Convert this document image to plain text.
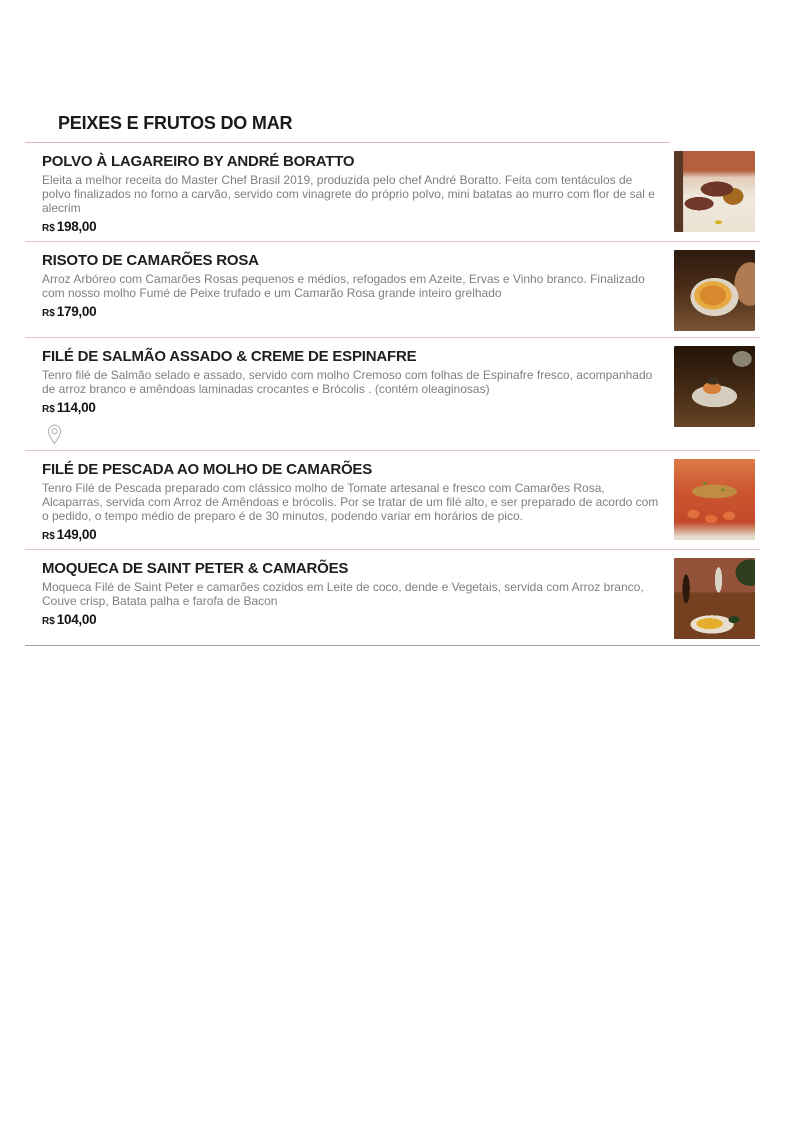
PEIXES E FRUTOS DO MAR
POLVO À LAGAREIRO BY ANDRÉ BORATTO
Eleita a melhor receita do Master Chef Brasil 2019, produzida pelo chef André Boratto. Feita com tentáculos de polvo finalizados no forno a carvão, servido com vinagrete do próprio polvo, mini batatas ao murro com flor de sal e alecrim
R$ 198,00
RISOTO DE CAMARÕES ROSA
Arroz Arbóreo com Camarões Rosas pequenos e médios, refogados em Azeite, Ervas e Vinho branco. Finalizado com nosso molho Fumé de Peixe trufado e um Camarão Rosa grande inteiro grelhado
R$ 179,00
FILÉ DE SALMÃO ASSADO & CREME DE ESPINAFRE
Tenro filé de Salmão selado e assado, servido com molho Cremoso com folhas de Espinafre fresco, acompanhado de arroz branco e amêndoas laminadas crocantes e Brócolis . (contém oleaginosas)
R$ 114,00
FILÉ DE PESCADA AO MOLHO DE CAMARÕES
Tenro Filé de Pescada preparado com clássico molho de Tomate artesanal e fresco com Camarões Rosa, Alcaparras, servida com Arroz de Amêndoas e brócolis. Por se tratar de um filé alto, e ser preparado de acordo com o pedido, o tempo médio de preparo é de 30 minutos, podendo variar em horários de pico.
R$ 149,00
MOQUECA DE SAINT PETER & CAMARÕES
Moqueca Filé de Saint Peter e camarões cozidos em Leite de coco, dende e Vegetais, servida com Arroz branco, Couve crisp, Batata palha e farofa de Bacon
R$ 104,00
